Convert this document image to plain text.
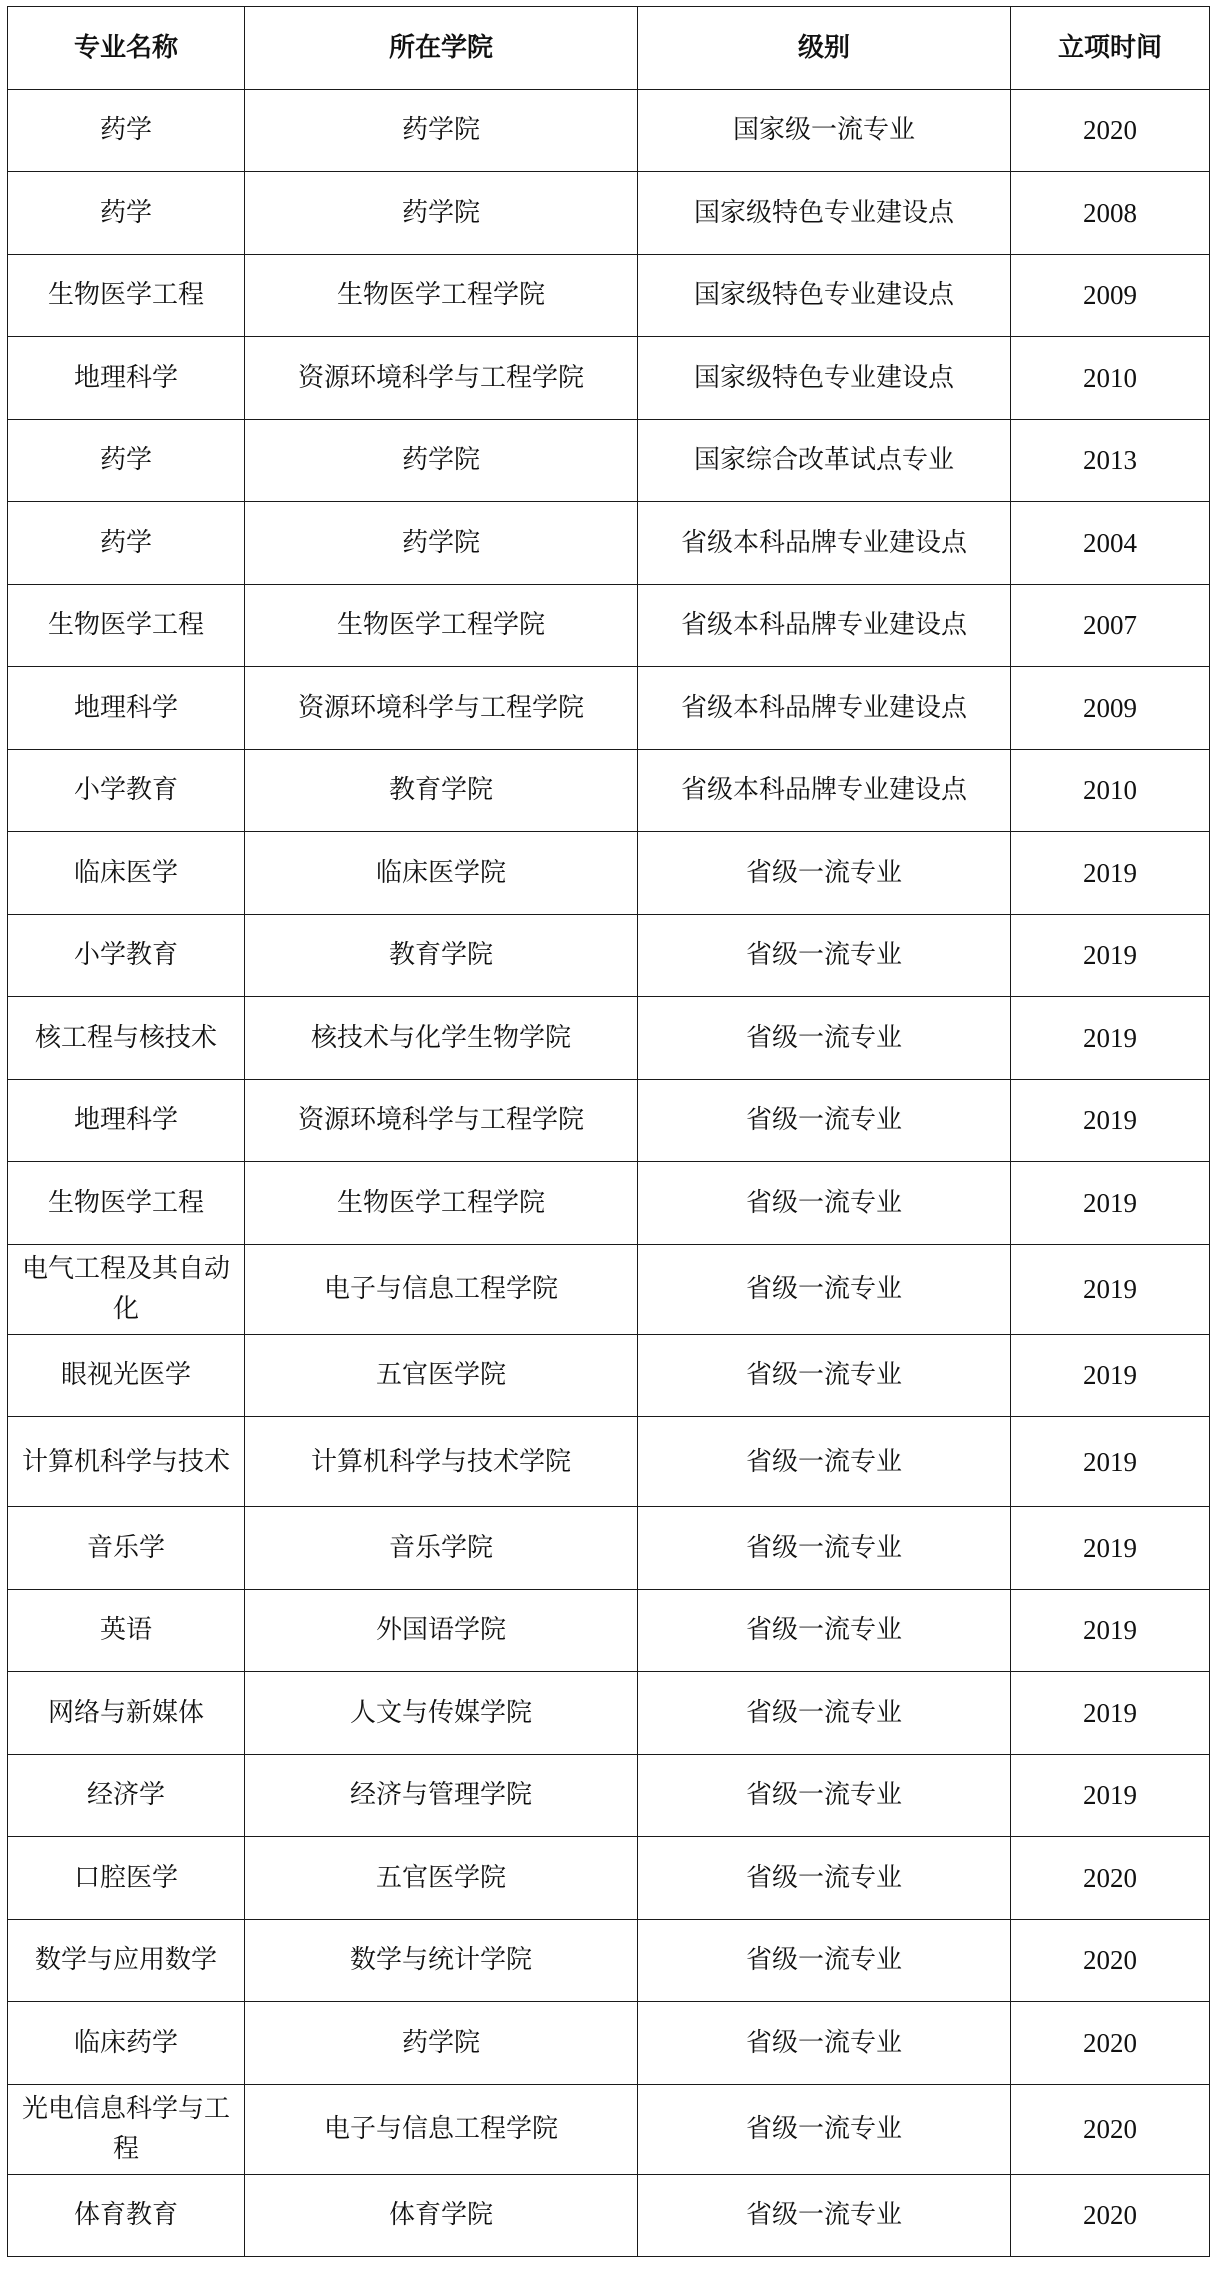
专业名称	所在学院	级别	立项时间
药学	药学院	国家级一流专业	2020
药学	药学院	国家级特色专业建设点	2008
生物医学工程	生物医学工程学院	国家级特色专业建设点	2009
地理科学	资源环境科学与工程学院	国家级特色专业建设点	2010
药学	药学院	国家综合改革试点专业	2013
药学	药学院	省级本科品牌专业建设点	2004
生物医学工程	生物医学工程学院	省级本科品牌专业建设点	2007
地理科学	资源环境科学与工程学院	省级本科品牌专业建设点	2009
小学教育	教育学院	省级本科品牌专业建设点	2010
临床医学	临床医学院	省级一流专业	2019
小学教育	教育学院	省级一流专业	2019
核工程与核技术	核技术与化学生物学院	省级一流专业	2019
地理科学	资源环境科学与工程学院	省级一流专业	2019
生物医学工程	生物医学工程学院	省级一流专业	2019
电气工程及其自动化	电子与信息工程学院	省级一流专业	2019
眼视光医学	五官医学院	省级一流专业	2019
计算机科学与技术	计算机科学与技术学院	省级一流专业	2019
音乐学	音乐学院	省级一流专业	2019
英语	外国语学院	省级一流专业	2019
网络与新媒体	人文与传媒学院	省级一流专业	2019
经济学	经济与管理学院	省级一流专业	2019
口腔医学	五官医学院	省级一流专业	2020
数学与应用数学	数学与统计学院	省级一流专业	2020
临床药学	药学院	省级一流专业	2020
光电信息科学与工程	电子与信息工程学院	省级一流专业	2020
体育教育	体育学院	省级一流专业	2020
